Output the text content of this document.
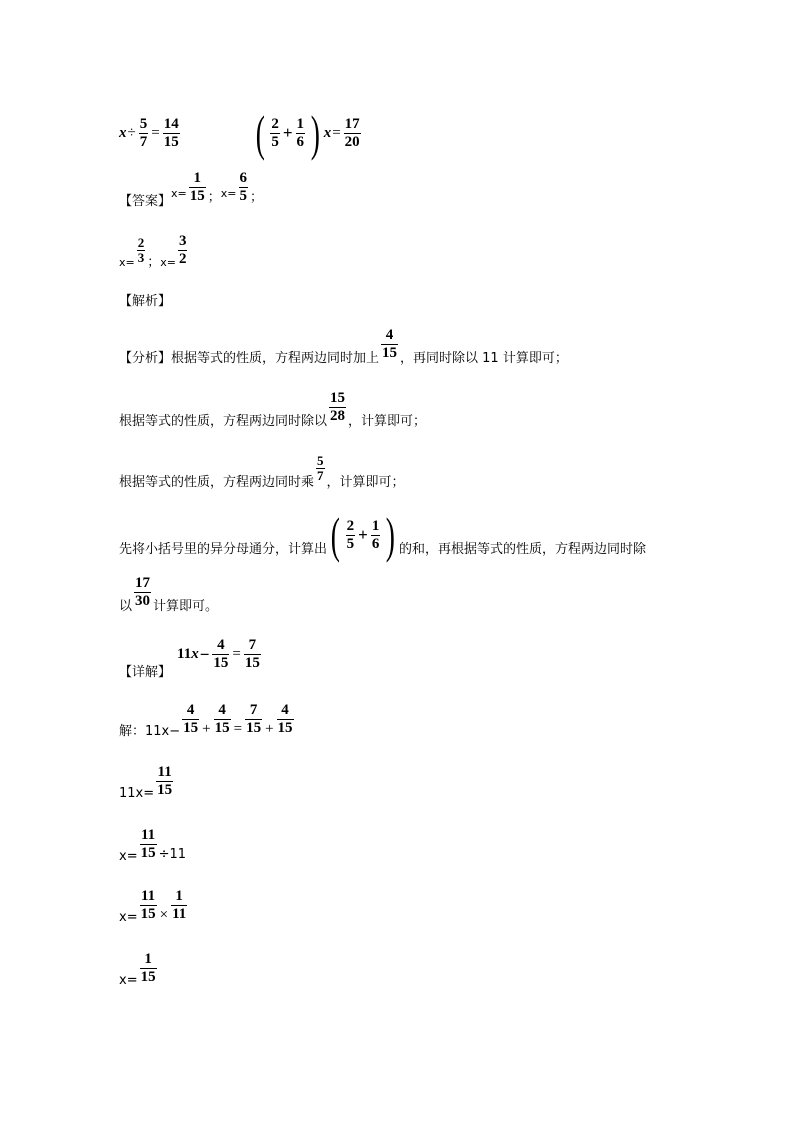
$x \div \frac{5}{7} = \frac{14}{15}$ ( $\frac{2}{5} + \frac{1}{6}$ ) $x = \frac{17}{20}$
【答案】
$x= \frac{1}{15}$ ； $x= \frac{6}{5}$ ；
$x= \frac{2}{3}$ ； $x= \frac{3}{2}$
【解析】
【分析】根据等式的性质，方程两边同时加上 $\frac{4}{15}$ ，再同时除以 11 计算即可；
根据等式的性质，方程两边同时除以 $\frac{15}{28}$ ，计算即可；
根据等式的性质，方程两边同时乘 $\frac{5}{7}$ ，计算即可；
先将小括号里的异分母通分，计算出 ( $\frac{2}{5} + \frac{1}{6}$ ) 的和，再根据等式的性质，方程两边同时除
以 $\frac{17}{30}$ 计算即可。
【详解】
11 $x - \frac{4}{15} = \frac{7}{15}$
解：$11x- \frac{4}{15} + \frac{4}{15} = \frac{7}{15} + \frac{4}{15}$
$11x= \frac{11}{15}$
$x= \frac{11}{15} \div 11$
$x= \frac{11}{15} \times \frac{1}{11}$
$x= \frac{1}{15}$
